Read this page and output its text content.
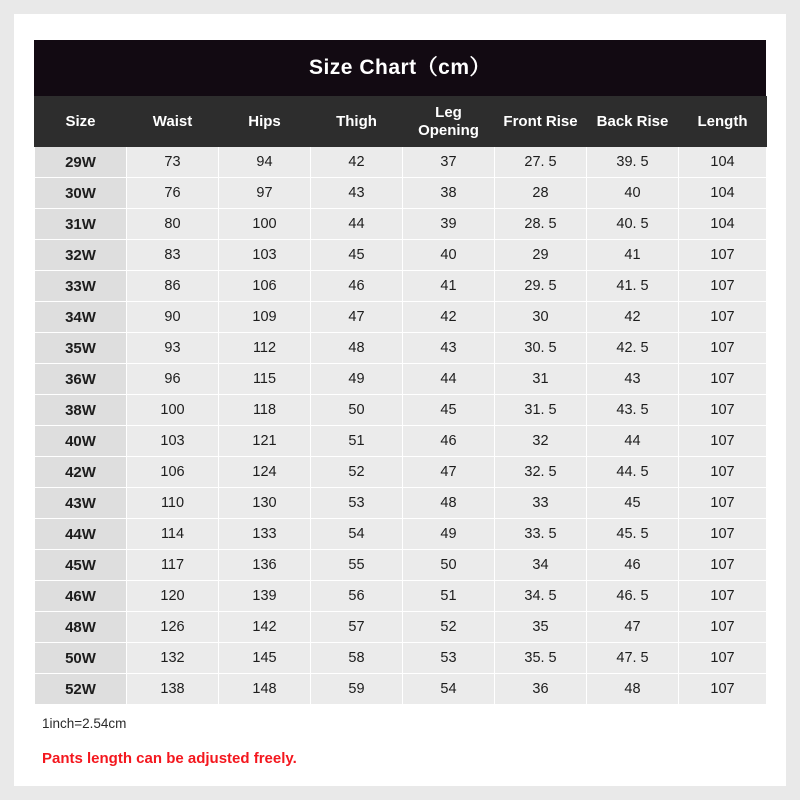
Size Chart（cm）
Size	Waist	Hips	Thigh	Leg Opening	Front Rise	Back Rise	Length
29W	73	94	42	37	27. 5	39. 5	104
30W	76	97	43	38	28	40	104
31W	80	100	44	39	28. 5	40. 5	104
32W	83	103	45	40	29	41	107
33W	86	106	46	41	29. 5	41. 5	107
34W	90	109	47	42	30	42	107
35W	93	112	48	43	30. 5	42. 5	107
36W	96	115	49	44	31	43	107
38W	100	118	50	45	31. 5	43. 5	107
40W	103	121	51	46	32	44	107
42W	106	124	52	47	32. 5	44. 5	107
43W	110	130	53	48	33	45	107
44W	114	133	54	49	33. 5	45. 5	107
45W	117	136	55	50	34	46	107
46W	120	139	56	51	34. 5	46. 5	107
48W	126	142	57	52	35	47	107
50W	132	145	58	53	35. 5	47. 5	107
52W	138	148	59	54	36	48	107
1inch=2.54cm
Pants length can be adjusted freely.
